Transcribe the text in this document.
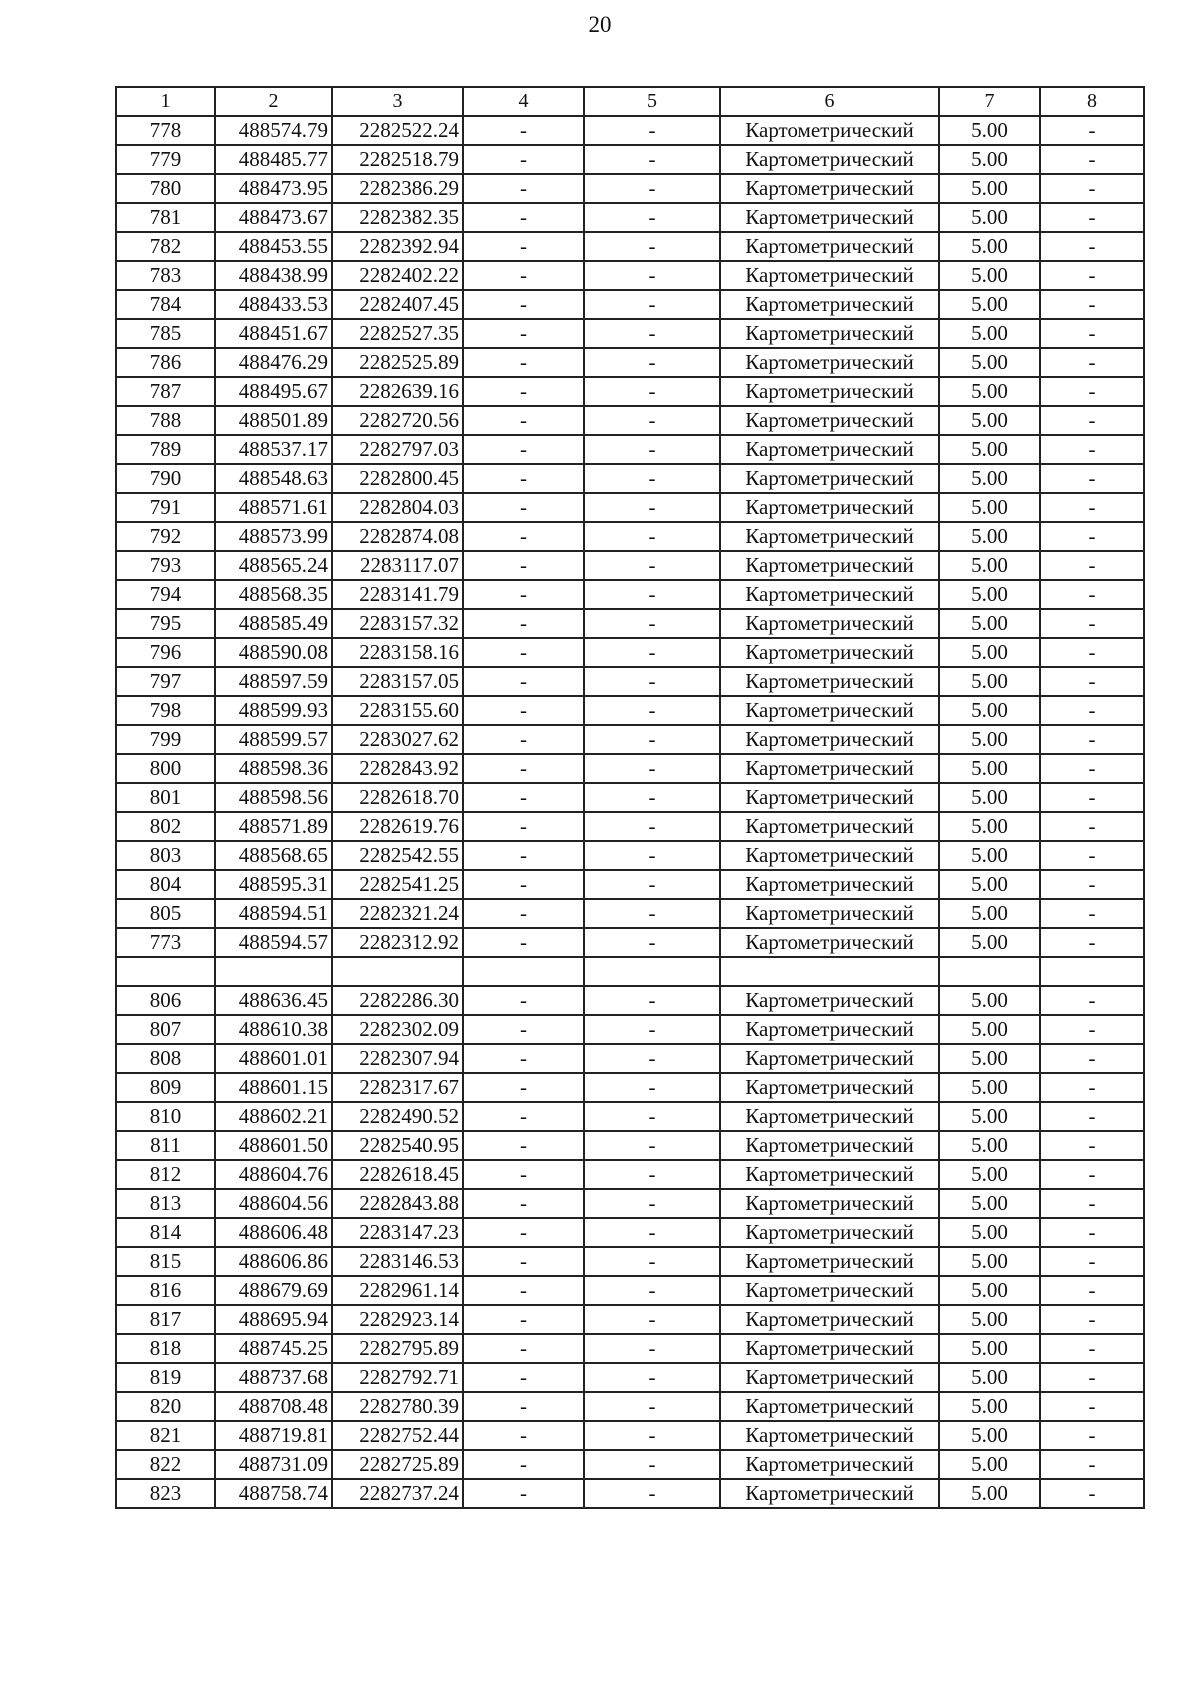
20
1	2	3	4	5	6	7	8
778	488574.79	2282522.24	-	-	Картометрический	5.00	-
779	488485.77	2282518.79	-	-	Картометрический	5.00	-
780	488473.95	2282386.29	-	-	Картометрический	5.00	-
781	488473.67	2282382.35	-	-	Картометрический	5.00	-
782	488453.55	2282392.94	-	-	Картометрический	5.00	-
783	488438.99	2282402.22	-	-	Картометрический	5.00	-
784	488433.53	2282407.45	-	-	Картометрический	5.00	-
785	488451.67	2282527.35	-	-	Картометрический	5.00	-
786	488476.29	2282525.89	-	-	Картометрический	5.00	-
787	488495.67	2282639.16	-	-	Картометрический	5.00	-
788	488501.89	2282720.56	-	-	Картометрический	5.00	-
789	488537.17	2282797.03	-	-	Картометрический	5.00	-
790	488548.63	2282800.45	-	-	Картометрический	5.00	-
791	488571.61	2282804.03	-	-	Картометрический	5.00	-
792	488573.99	2282874.08	-	-	Картометрический	5.00	-
793	488565.24	2283117.07	-	-	Картометрический	5.00	-
794	488568.35	2283141.79	-	-	Картометрический	5.00	-
795	488585.49	2283157.32	-	-	Картометрический	5.00	-
796	488590.08	2283158.16	-	-	Картометрический	5.00	-
797	488597.59	2283157.05	-	-	Картометрический	5.00	-
798	488599.93	2283155.60	-	-	Картометрический	5.00	-
799	488599.57	2283027.62	-	-	Картометрический	5.00	-
800	488598.36	2282843.92	-	-	Картометрический	5.00	-
801	488598.56	2282618.70	-	-	Картометрический	5.00	-
802	488571.89	2282619.76	-	-	Картометрический	5.00	-
803	488568.65	2282542.55	-	-	Картометрический	5.00	-
804	488595.31	2282541.25	-	-	Картометрический	5.00	-
805	488594.51	2282321.24	-	-	Картометрический	5.00	-
773	488594.57	2282312.92	-	-	Картометрический	5.00	-

806	488636.45	2282286.30	-	-	Картометрический	5.00	-
807	488610.38	2282302.09	-	-	Картометрический	5.00	-
808	488601.01	2282307.94	-	-	Картометрический	5.00	-
809	488601.15	2282317.67	-	-	Картометрический	5.00	-
810	488602.21	2282490.52	-	-	Картометрический	5.00	-
811	488601.50	2282540.95	-	-	Картометрический	5.00	-
812	488604.76	2282618.45	-	-	Картометрический	5.00	-
813	488604.56	2282843.88	-	-	Картометрический	5.00	-
814	488606.48	2283147.23	-	-	Картометрический	5.00	-
815	488606.86	2283146.53	-	-	Картометрический	5.00	-
816	488679.69	2282961.14	-	-	Картометрический	5.00	-
817	488695.94	2282923.14	-	-	Картометрический	5.00	-
818	488745.25	2282795.89	-	-	Картометрический	5.00	-
819	488737.68	2282792.71	-	-	Картометрический	5.00	-
820	488708.48	2282780.39	-	-	Картометрический	5.00	-
821	488719.81	2282752.44	-	-	Картометрический	5.00	-
822	488731.09	2282725.89	-	-	Картометрический	5.00	-
823	488758.74	2282737.24	-	-	Картометрический	5.00	-
